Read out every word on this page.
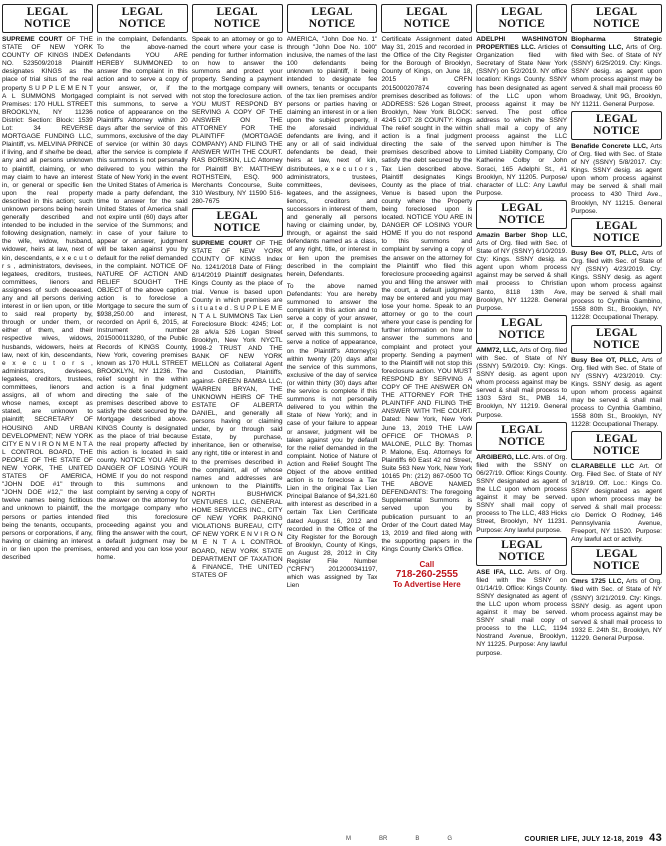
LEGAL NOTICE
SUPREME COURT OF THE STATE OF NEW YORK COUNTY OF KINGS INDEX NO. 523509/2018 Plaintiff designates KINGS as the place of trial situs of the real property S U P P L E M E N T A L SUMMONS Mortgaged Premises: 170 HULL STREET BROOKLYN, NY 11236 District: Section: Block: 1539 Lot: 34 REVERSE MORTGAGE FUNDING LLC, Plaintiff, vs. MELVINA PRINCE if living, and if she/he be dead, any and all persons unknown to plaintiff, claiming, or who may claim to have an interest in, or general or specific lien upon the real property described in this action; such unknown persons being herein generally described and intended to be included in the following designation, namely: the wife, widow, husband, widower, heirs at law, next of kin, descendants, e x e c u t o r s , administrators, devisees, legatees, creditors, trustees, committees, lienors and assignees of such deceased, any and all persons deriving interest in or lien upon, or title to said real property by, through or under them, or either of them, and their respective wives, widows, husbands, widowers, heirs at law, next of kin, descendants, e x e c u t o r s , administrators, devisees, legatees, creditors, trustees, committees, lienors and assigns, all of whom and whose names, except as stated, are unknown to plaintiff; SECRETARY OF HOUSING AND URBAN DEVELOPMENT; NEW YORK CITY E N V I R O N M E N T A L CONTROL BOARD, THE PEOPLE OF THE STATE OF NEW YORK, THE UNITED STATES OF AMERICA, "JOHN DOE #1" through "JOHN DOE #12," the last twelve names being fictitious and unknown to plaintiff, the persons or parties intended being the tenants, occupants, persons or corporations, if any, having or claiming an interest in or lien upon the premises, described
LEGAL NOTICE
in the complaint, Defendants. To the above-named Defendants YOU ARE HEREBY SUMMONED to answer the complaint in this action and to serve a copy of your answer, or, if the complaint is not served with this summons, to serve a notice of appearance on the Plaintiff's Attorney within 20 days after the service of this summons, exclusive of the day of service (or within 30 days after the service is complete if this summons is not personally delivered to you within the State of New York) in the event the United States of America is made a party defendant, the time to answer for the said United States of America shall not expire until (60) days after service of the Summons; and in case of your failure to appear or answer, judgment will be taken against you by default for the relief demanded in the complaint. NOTICE OF NATURE OF ACTION AND RELIEF SOUGHT THE OBJECT of the above caption action is to foreclose a Mortgage to secure the sum of $938,250.00 and interest, recorded on April 6, 2015, at Instrument number 2015000113280, of the Public Records of KINGS County, New York, covering premises known as 170 HULL STREET BROOKLYN, NY 11236. The relief sought in the within action is a final judgment directing the sale of the premises described above to satisfy the debt secured by the Mortgage described above. KINGS County is designated as the place of trial because the real property affected by this action is located in said county. NOTICE YOU ARE IN DANGER OF LOSING YOUR HOME If you do not respond to this summons and complaint by serving a copy of the answer on the attorney for the mortgage company who filed this foreclosure proceeding against you and filing the answer with the court, a default judgment may be entered and you can lose your home.
LEGAL NOTICE
Speak to an attorney or go to the court where your case is pending for further information on how to answer the summons and protect your property. Sending a payment to the mortgage company will not stop the foreclosure action. YOU MUST RESPOND BY SERVING A COPY OF THE ANSWER ON THE ATTORNEY FOR THE PLAINTIFF (MORTGAGE COMPANY) AND FILING THE ANSWER WITH THE COURT. RAS BORISKIN, LLC Attorney for Plaintiff BY: MATTHEW ROTHSTEIN, ESQ. 900 Merchants Concourse, Suite 310 Westbury, NY 11590 516-280-7675
LEGAL NOTICE
SUPREME COURT OF THE STATE OF NEW YORK COUNTY OF KINGS Index No. 1241/2018 Date of Filing: 6/14/2019 Plaintiff designates Kings County as the place of trial. Venue is based upon County in which premises are s i t u a t e d . S U P P L E M E N T A L SUMMONS Tax Lien Foreclosure Block: 4245; Lot: 28 a/k/a 526 Logan Street Brooklyn, New York NYCTL 1998-2 TRUST AND THE BANK OF NEW YORK MELLON as Collateral Agent and Custodian, Plaintiffs, against- GREEN BAMBA LLC, WARREN BRYAN, THE UNKNOWN HEIRS OF THE ESTATE OF ALBERTA DANIEL, and generally all persons having or claiming under, by or through said Estate, by purchase, inheritance, lien or otherwise, any right, title or interest in and to the premises described in the complaint, all of whose names and addresses are unknown to the Plaintiffs, NORTH BUSHWICK VENTURES LLC, GENERAL HOME SERVICES INC., CITY OF NEW YORK PARKING VIOLATIONS BUREAU, CITY OF NEW YORK E N V I R O N M E N T A L CONTROL BOARD, NEW YORK STATE DEPARTMENT OF TAXATION & FINANCE, THE UNITED STATES OF
LEGAL NOTICE
AMERICA, "John Doe No. 1" through "John Doe No. 100" inclusive, the names of the last 100 defendants being unknown to plaintiff, it being intended to designate fee owners, tenants or occupants of the tax lien premises and/or persons or parties having or claiming an interest in or a lien upon the subject property, if the aforesaid individual defendants are living, and if any or all of said individual defendants be dead, their heirs at law, next of kin, distributees, e x e c u t o r s , administrators, trustees, committees, devisees, legatees, and the assignees, lienors, creditors and successors in interest of them, and generally all persons having or claiming under, by, through, or against the said defendants named as a class, of any right, title, or interest in or lien upon the premises described in the complaint herein, Defendants.
To the above named Defendants: You are hereby summoned to answer the complaint in this action and to serve a copy of your answer, or, if the complaint is not served with this summons, to serve a notice of appearance, on the Plaintiff's Attorney(s) within twenty (20) days after the service of this summons, exclusive of the day of service (or within thirty (30) days after the service is complete if this summons is not personally delivered to you within the State of New York); and in case of your failure to appear or answer, judgment will be taken against you by default for the relief demanded in the complaint. Notice of Nature of Action and Relief Sought The Object of the above entitled action is to foreclose a Tax Lien in the original Tax Lien Principal Balance of $4,321.60 with interest as described in a certain Tax Lien Certificate dated August 16, 2012 and recorded in the Office of the City Register for the Borough of Brooklyn, County of Kings, on August 28, 2012 in City Register File Number ("CRFN") 2012000341197, which was assigned by Tax Lien
LEGAL NOTICE
Certificate Assignment dated May 31, 2015 and recorded in the Office of the City Register for the Borough of Brooklyn, County of Kings, on June 18, 2015 in CRFN 2015000207874 covering premises described as follows: ADDRESS: 526 Logan Street, Brooklyn, New York BLOCK: 4245 LOT: 28 COUNTY: Kings The relief sought in the within action is a final judgment directing the sale of the premises described above to satisfy the debt secured by the Tax Lien described above. Plaintiff designates Kings County as the place of trial. Venue is based upon the county where the Property being foreclosed upon is located. NOTICE YOU ARE IN DANGER OF LOSING YOUR HOME If you do not respond to this summons and complaint by serving a copy of the answer on the attorney for the Plaintiff who filed this foreclosure proceeding against you and filing the answer with the court, a default judgment may be entered and you may lose your home. Speak to an attorney or go to the court where your case is pending for further information on how to answer the summons and complaint and protect your property. Sending a payment to the Plaintiff will not stop this foreclosure action. YOU MUST RESPOND BY SERVING A COPY OF THE ANSWER ON THE ATTORNEY FOR THE PLAINTIFF AND FILING THE ANSWER WITH THE COURT. Dated: New York, New York June 13, 2019 THE LAW OFFICE OF THOMAS P. MALONE, PLLC By: Thomas P. Malone, Esq. Attorneys for Plaintiffs 60 East 42 nd Street, Suite 563 New York, New York 10165 Ph: (212) 867-0500 TO THE ABOVE NAMED DEFENDANTS: The foregoing Supplemental Summons is served upon you by publication pursuant to an Order of the Court dated May 13, 2019 and filed along with the supporting papers in the Kings County Clerk's Office.
Call
718-260-2555
To Advertise Here
LEGAL NOTICE
ADELPHI WASHINGTON PROPERTIES LLC. Articles of Organization filed with Secretary of State New York (SSNY) on 5/2/2019. NY office location: Kings County. SSNY has been designated as agent of the LLC upon whom process against it may be served. The post office address to which the SSNY shall mail a copy of any process against the LLC served upon him/her is The Limited Liability Company, C/o Katherine Colby or John Soraci, 165 Adelphi St., #1 Brooklyn, NY 11205. Purpose/ character of LLC: Any Lawful Purpose.
LEGAL NOTICE
Amazin Barber Shop LLC, Arts of Org. filed with Sec. of State of NY (SSNY) 6/10/2019. Cty: Kings. SSNY desig. as agent upon whom process against may be served & shall mail process to Christian Santo, 8118 13th Ave, Brooklyn, NY 11228. General Purpose.
LEGAL NOTICE
AMM72, LLC, Arts of Org. filed with Sec. of State of NY (SSNY) 5/9/2019. Cty: Kings. SSNY desig. as agent upon whom process against may be served & shall mail process to 1303 53rd St., PMB 14, Brooklyn, NY 11219. General Purpose.
LEGAL NOTICE
ARGIBERG, LLC. Arts. of Org. filed with the SSNY on 06/27/19. Office: Kings County. SSNY designated as agent of the LLC upon whom process against it may be served. SSNY shall mail copy of process to The LLC, 483 Hicks Street, Brooklyn, NY 11231. Purpose: Any lawful purpose.
LEGAL NOTICE
ASE IFA, LLC. Arts. of Org. filed with the SSNY on 01/14/19. Office: Kings County. SSNY designated as agent of the LLC upon whom process against it may be served. SSNY shall mail copy of process to the LLC, 1194 Nostrand Avenue, Brooklyn, NY 11225. Purpose: Any lawful purpose.
LEGAL NOTICE
Biopharma Strategic Consulting LLC, Arts of Org. filed with Sec. of State of NY (SSNY) 6/25/2019. Cty: Kings. SSNY desig. as agent upon whom process against may be served & shall mail process 60 Broadway, Unit 9G, Brooklyn, NY 11211. General Purpose.
LEGAL NOTICE
Benafide Concrete LLC, Arts of Org. filed with Sec. of State of NY (SSNY) 5/8/2017. Cty: Kings. SSNY desig. as agent upon whom process against may be served & shall mail process to 430 Third Ave., Brooklyn, NY 11215. General Purpose.
LEGAL NOTICE
Busy Bee OT, PLLC, Arts of Org. filed with Sec. of State of NY (SSNY) 4/23/2019. Cty: Kings. SSNY desig. as agent upon whom process against may be served & shall mail process to Cynthia Gambino, 1558 80th St., Brooklyn, NY 11228: Occupational Therapy.
LEGAL NOTICE
Busy Bee OT, PLLC, Arts of Org. filed with Sec. of State of NY (SSNY) 4/23/2019. Cty: Kings. SSNY desig. as agent upon whom process against may be served & shall mail process to Cynthia Gambino, 1558 80th St., Brooklyn, NY 11228: Occupational Therapy.
LEGAL NOTICE
CLARABELLE LLC Art. Of Org. Filed Sec. of State of NY 3/18/19. Off. Loc.: Kings Co. SSNY designated as agent upon whom process may be served & shall mail process: c/o Derrick O Rodney, 146 Pennsylvania Avenue, Freeport, NY 11520. Purpose: Any lawful act or activity.
LEGAL NOTICE
Cmrs 1725 LLC, Arts of Org. filed with Sec. of State of NY (SSNY) 3/21/2019. Cty: Kings. SSNY desig. as agent upon whom process against may be served & shall mail process to 1932 E. 24th St., Brooklyn, NY 11229. General Purpose.
M	BR	B	G	COURIER LIFE, JULY 12-18, 2019 43
